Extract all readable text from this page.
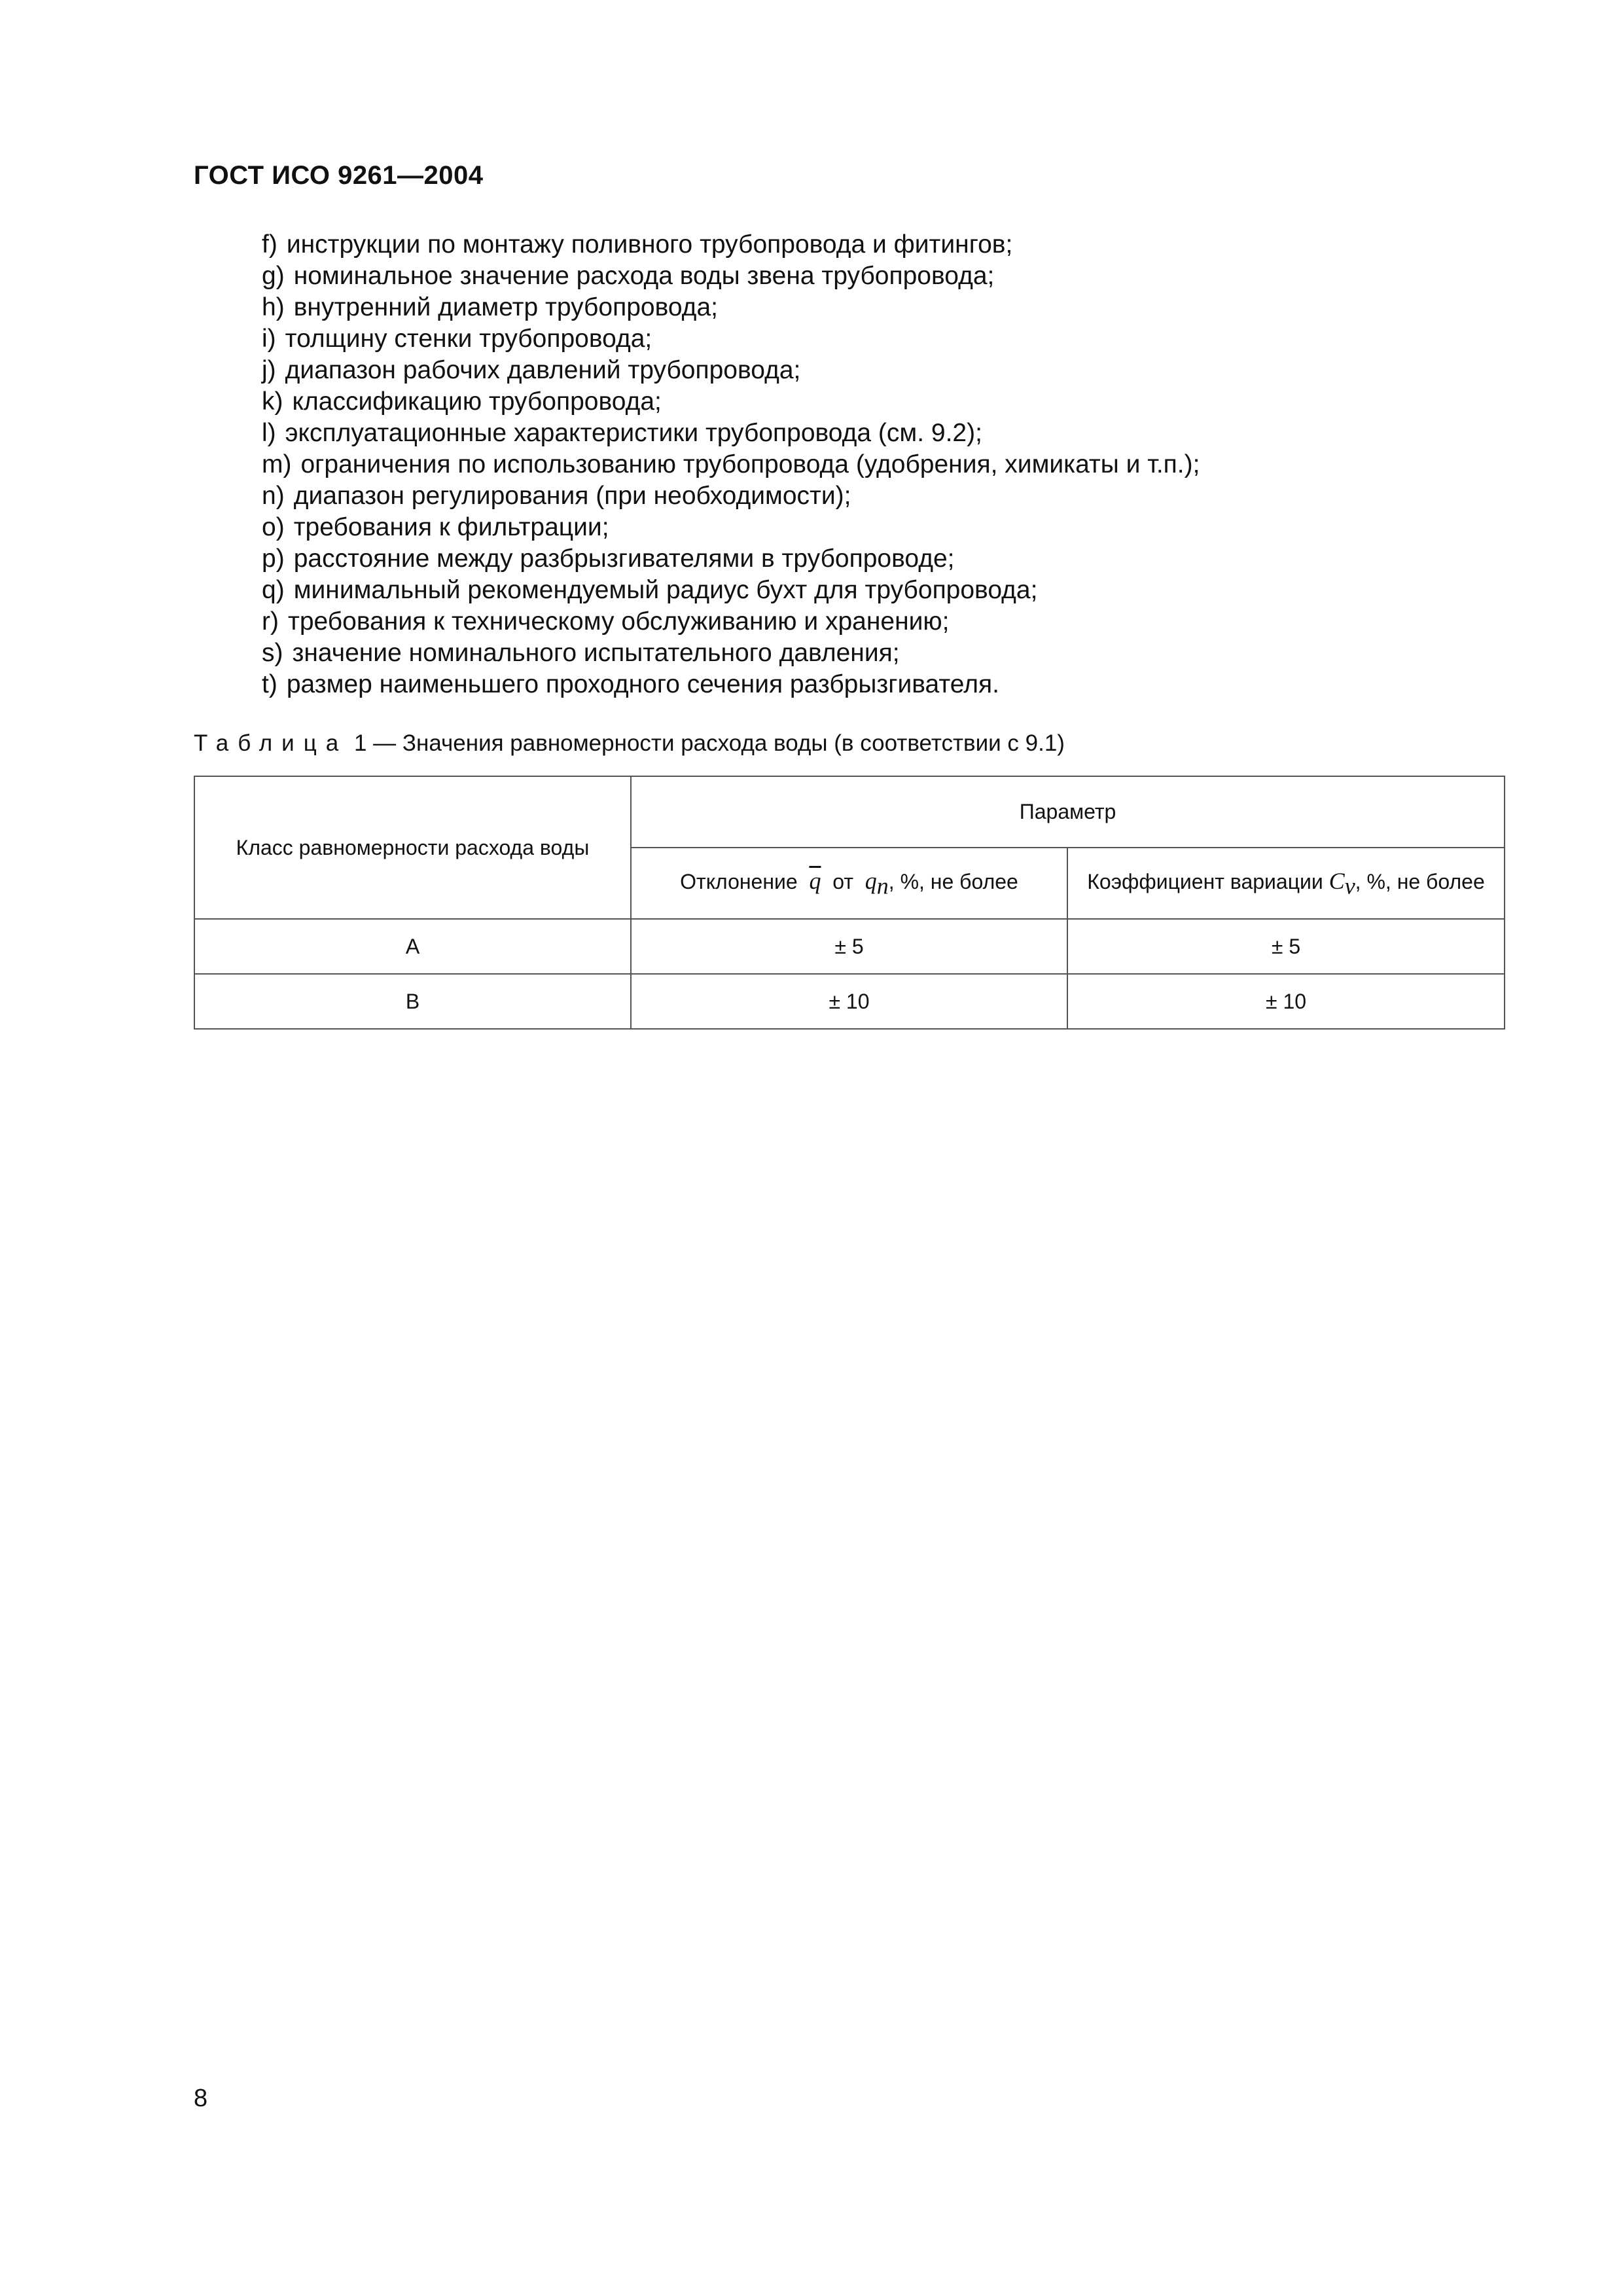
ГОСТ ИСО 9261—2004
f) инструкции по монтажу поливного трубопровода и фитингов;
g) номинальное значение расхода воды звена трубопровода;
h) внутренний диаметр трубопровода;
i) толщину стенки трубопровода;
j) диапазон рабочих давлений трубопровода;
k) классификацию трубопровода;
l) эксплуатационные характеристики трубопровода (см. 9.2);
m) ограничения по использованию трубопровода (удобрения, химикаты и т.п.);
n) диапазон регулирования (при необходимости);
o) требования к фильтрации;
p) расстояние между разбрызгивателями в трубопроводе;
q) минимальный рекомендуемый радиус бухт для трубопровода;
r) требования к техническому обслуживанию и хранению;
s) значение номинального испытательного давления;
t) размер наименьшего проходного сечения разбрызгивателя.
Таблица 1 — Значения равномерности расхода воды (в соответствии с 9.1)
Класс равномерности расхода воды	Параметр	
	Отклонение $\overline{q}$ от $q_n$, %, не более	Коэффициент вариации $C_v$, %, не более
A	± 5	± 5
B	± 10	± 10
8
